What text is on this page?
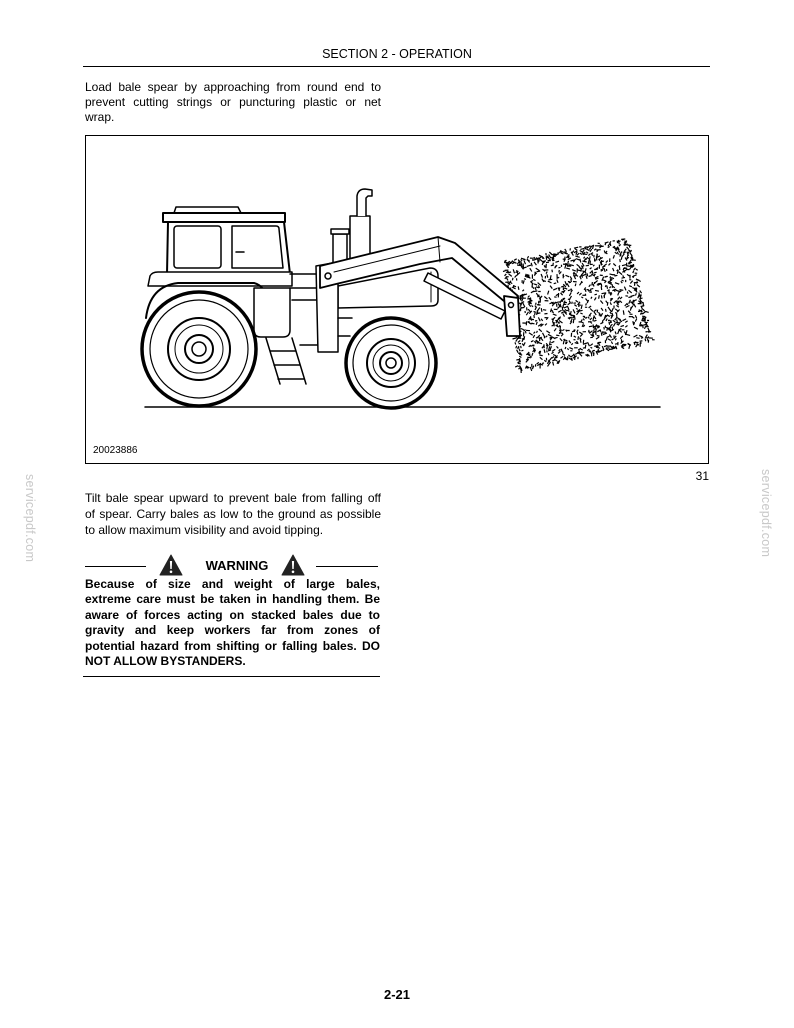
SECTION 2 - OPERATION
Load bale spear by approaching from round end to
prevent cutting strings or puncturing plastic or net
wrap.
20023886
31
Tilt bale spear upward to prevent bale from falling off
of spear. Carry bales as low to the ground as possible
to allow maximum visibility and avoid tipping.
WARNING
Because of size and weight of large bales,
extreme care must be taken in handling them. Be
aware of forces acting on stacked bales due to
gravity and keep workers far from zones of
potential hazard from shifting or falling bales. DO
NOT ALLOW BYSTANDERS.
2-21
servicepdf.com	servicepdf.com
